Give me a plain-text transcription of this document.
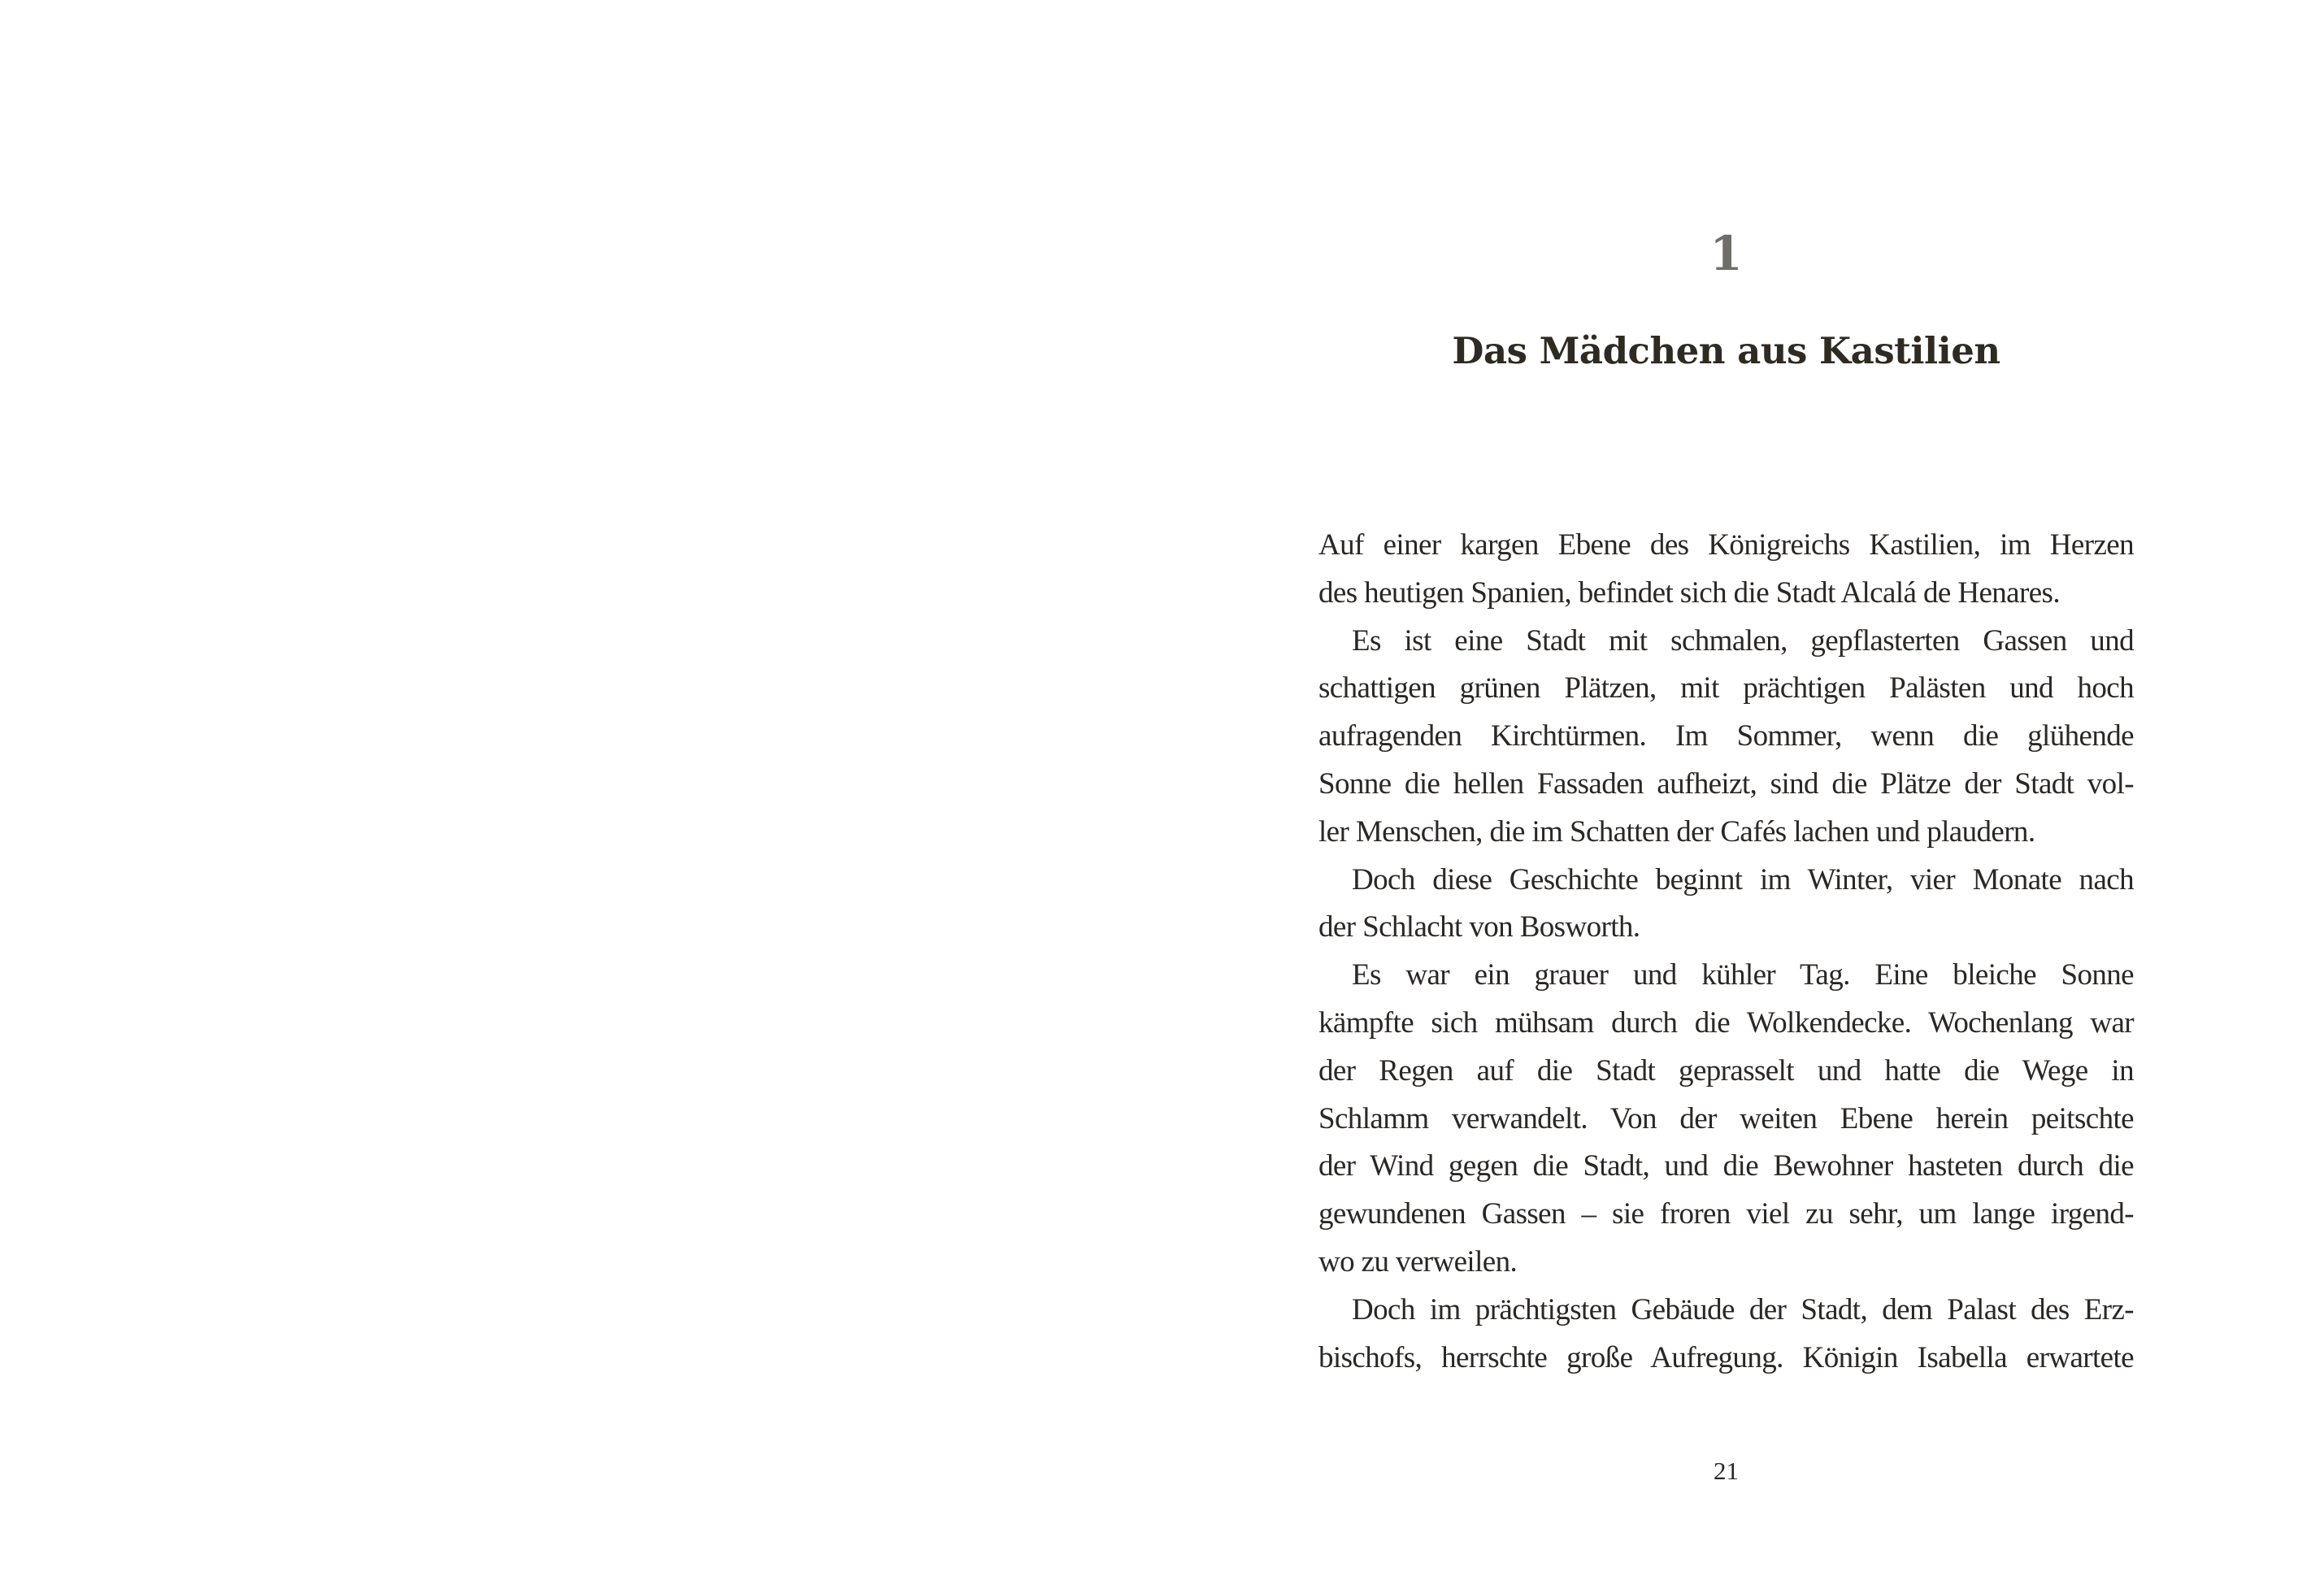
1
Das Mädchen aus Kastilien
Auf einer kargen Ebene des Königreichs Kastilien, im Herzen
des heutigen Spanien, befindet sich die Stadt Alcalá de Henares.
Es ist eine Stadt mit schmalen, gepflasterten Gassen und
schattigen grünen Plätzen, mit prächtigen Palästen und hoch
aufragenden Kirchtürmen. Im Sommer, wenn die glühende
Sonne die hellen Fassaden aufheizt, sind die Plätze der Stadt vol-
ler Menschen, die im Schatten der Cafés lachen und plaudern.
Doch diese Geschichte beginnt im Winter, vier Monate nach
der Schlacht von Bosworth.
Es war ein grauer und kühler Tag. Eine bleiche Sonne
kämpfte sich mühsam durch die Wolkendecke. Wochenlang war
der Regen auf die Stadt geprasselt und hatte die Wege in
Schlamm verwandelt. Von der weiten Ebene herein peitschte
der Wind gegen die Stadt, und die Bewohner hasteten durch die
gewundenen Gassen – sie froren viel zu sehr, um lange irgend-
wo zu verweilen.
Doch im prächtigsten Gebäude der Stadt, dem Palast des Erz-
bischofs, herrschte große Aufregung. Königin Isabella erwartete
21
